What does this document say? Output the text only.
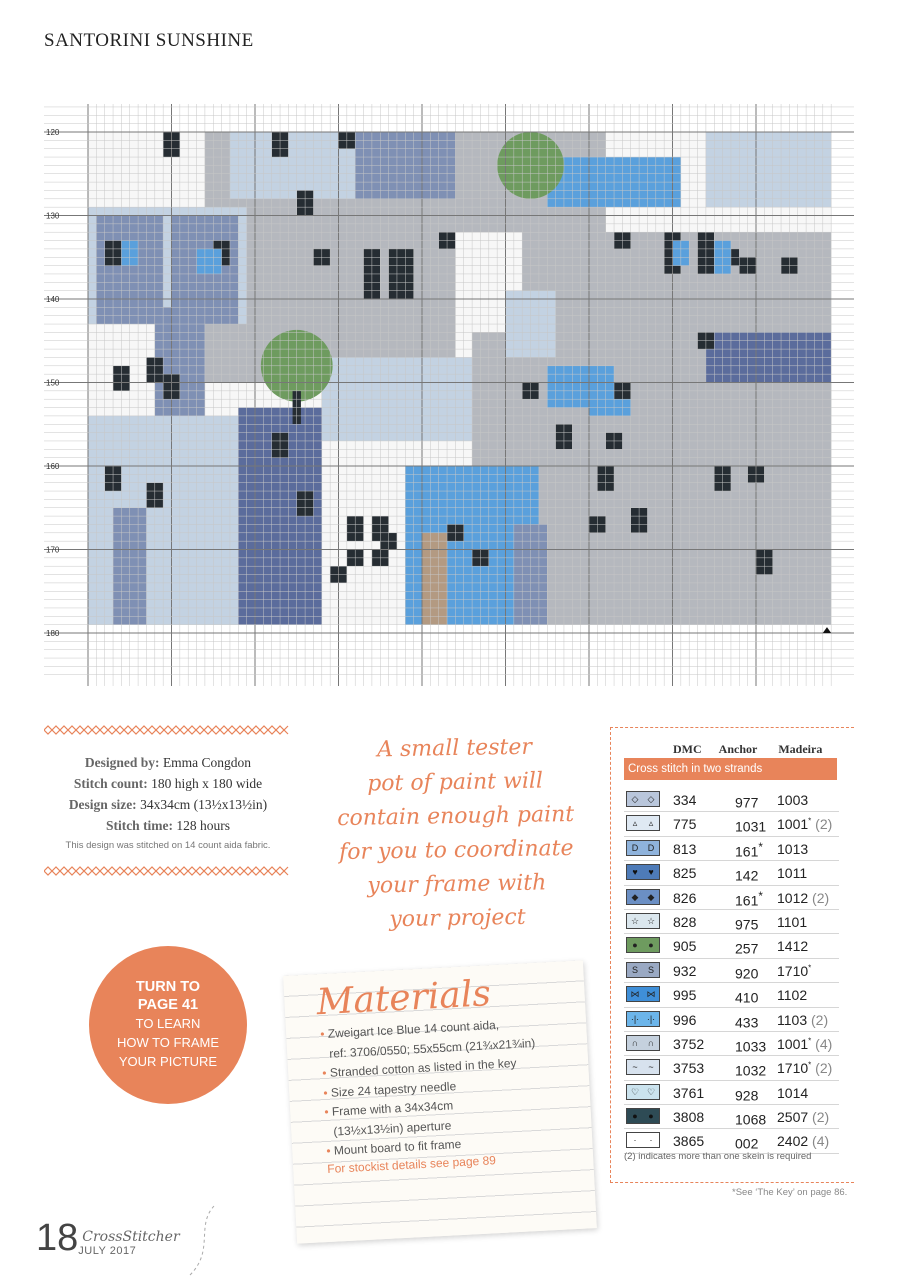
SANTORINI SUNSHINE
120
130
140
150
160
170
180
Designed by: Emma Congdon
Stitch count: 180 high x 180 wide
Design size: 34x34cm (13½x13½in)
Stitch time: 128 hours
This design was stitched on 14 count aida fabric.
A small tester
pot of paint will
contain enough paint
for you to coordinate
your frame with
your project
TURN TO
PAGE 41
TO LEARN
HOW TO FRAME
YOUR PICTURE
Materials
• Zweigart Ice Blue 14 count aida,
ref: 3706/0550; 55x55cm (21¾x21¾in)
• Stranded cotton as listed in the key
• Size 24 tapestry needle
• Frame with a 34x34cm
(13½x13½in) aperture
• Mount board to fit frame
For stockist details see page 89
DMC Anchor Madeira
Cross stitch in two strands
◇	◇	334	977 1003
▵	▵	775	1031 1001* (2)
D	D	813	161* 1013
♥	♥	825	142 1011
◆	◆	826	161* 1012 (2)
☆ ☆ 828	975 1101
●	●	905	257 1412
S	S	932	920 1710*
⋈ ⋈ 995	410 1102
·|· ·|· 996	433 1103 (2)
∩	∩	3752 1033 1001* (4)
~	~	3753 1032 1710* (2)
♡ ♡ 3761 928 1014
●	●	3808 1068 2507 (2)
·	·	3865 002 2402 (4)
(2) indicates more than one skein is required
*See ‘The Key’ on page 86.
18 CrossStitcher
JULY 2017
